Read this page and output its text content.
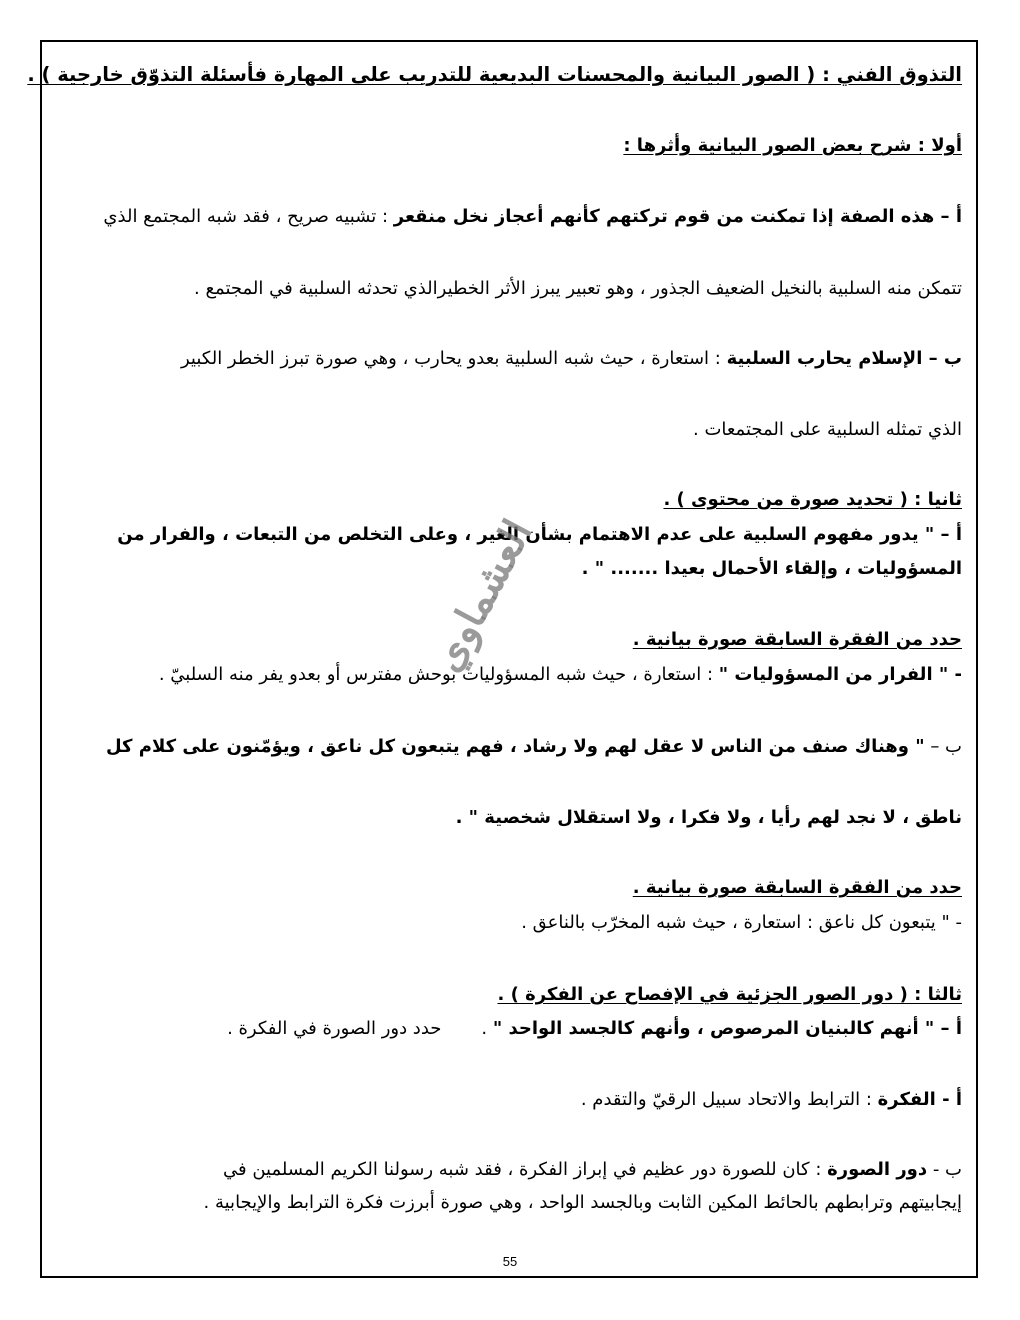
التذوق الفني : ( الصور البيانية والمحسنات البديعية للتدريب على المهارة فأسئلة التذوّق خارجية ) .
أولا : شرح بعض الصور البيانية وأثرها :
أ – هذه الصفة إذا تمكنت من قوم تركتهم كأنهم أعجاز نخل منقعر : تشبيه صريح ، فقد شبه المجتمع الذي
تتمكن منه السلبية بالنخيل الضعيف الجذور ، وهو تعبير يبرز الأثر الخطيرالذي تحدثه السلبية في المجتمع .
ب – الإسلام يحارب السلبية : استعارة ، حيث شبه السلبية بعدو يحارب ، وهي صورة تبرز الخطر الكبير
الذي تمثله السلبية على المجتمعات .
ثانيا : ( تحديد صورة من محتوى ) .
أ – " يدور مفهوم السلبية على عدم الاهتمام بشأن الغير ، وعلى التخلص من التبعات ، والفرار من
المسؤوليات ، وإلقاء الأحمال بعيدا ....... " .
حدد من الفقرة السابقة صورة بيانية .
- " الفرار من المسؤوليات " : استعارة ، حيث شبه المسؤوليات بوحش مفترس أو بعدو يفر منه السلبيّ .
ب – " وهناك صنف من الناس لا عقل لهم ولا رشاد ، فهم يتبعون كل ناعق ، ويؤمّنون على كلام كل
ناطق ، لا نجد لهم رأيا ، ولا فكرا ، ولا استقلال شخصية " .
حدد من الفقرة السابقة صورة بيانية .
- " يتبعون كل ناعق : استعارة ، حيث شبه المخرّب بالناعق .
ثالثا : ( دور الصور الجزئية في الإفصاح عن الفكرة ) .
أ – " أنهم كالبنيان المرصوص ، وأنهم كالجسد الواحد " .حدد دور الصورة في الفكرة .
أ - الفكرة : الترابط والاتحاد سبيل الرقيّ والتقدم .
ب - دور الصورة : كان للصورة دور عظيم في إبراز الفكرة ، فقد شبه رسولنا الكريم المسلمين في
إيجابيتهم وترابطهم بالحائط المكين الثابت وبالجسد الواحد ، وهي صورة أبرزت فكرة الترابط والإيجابية .
العشماوي
55
